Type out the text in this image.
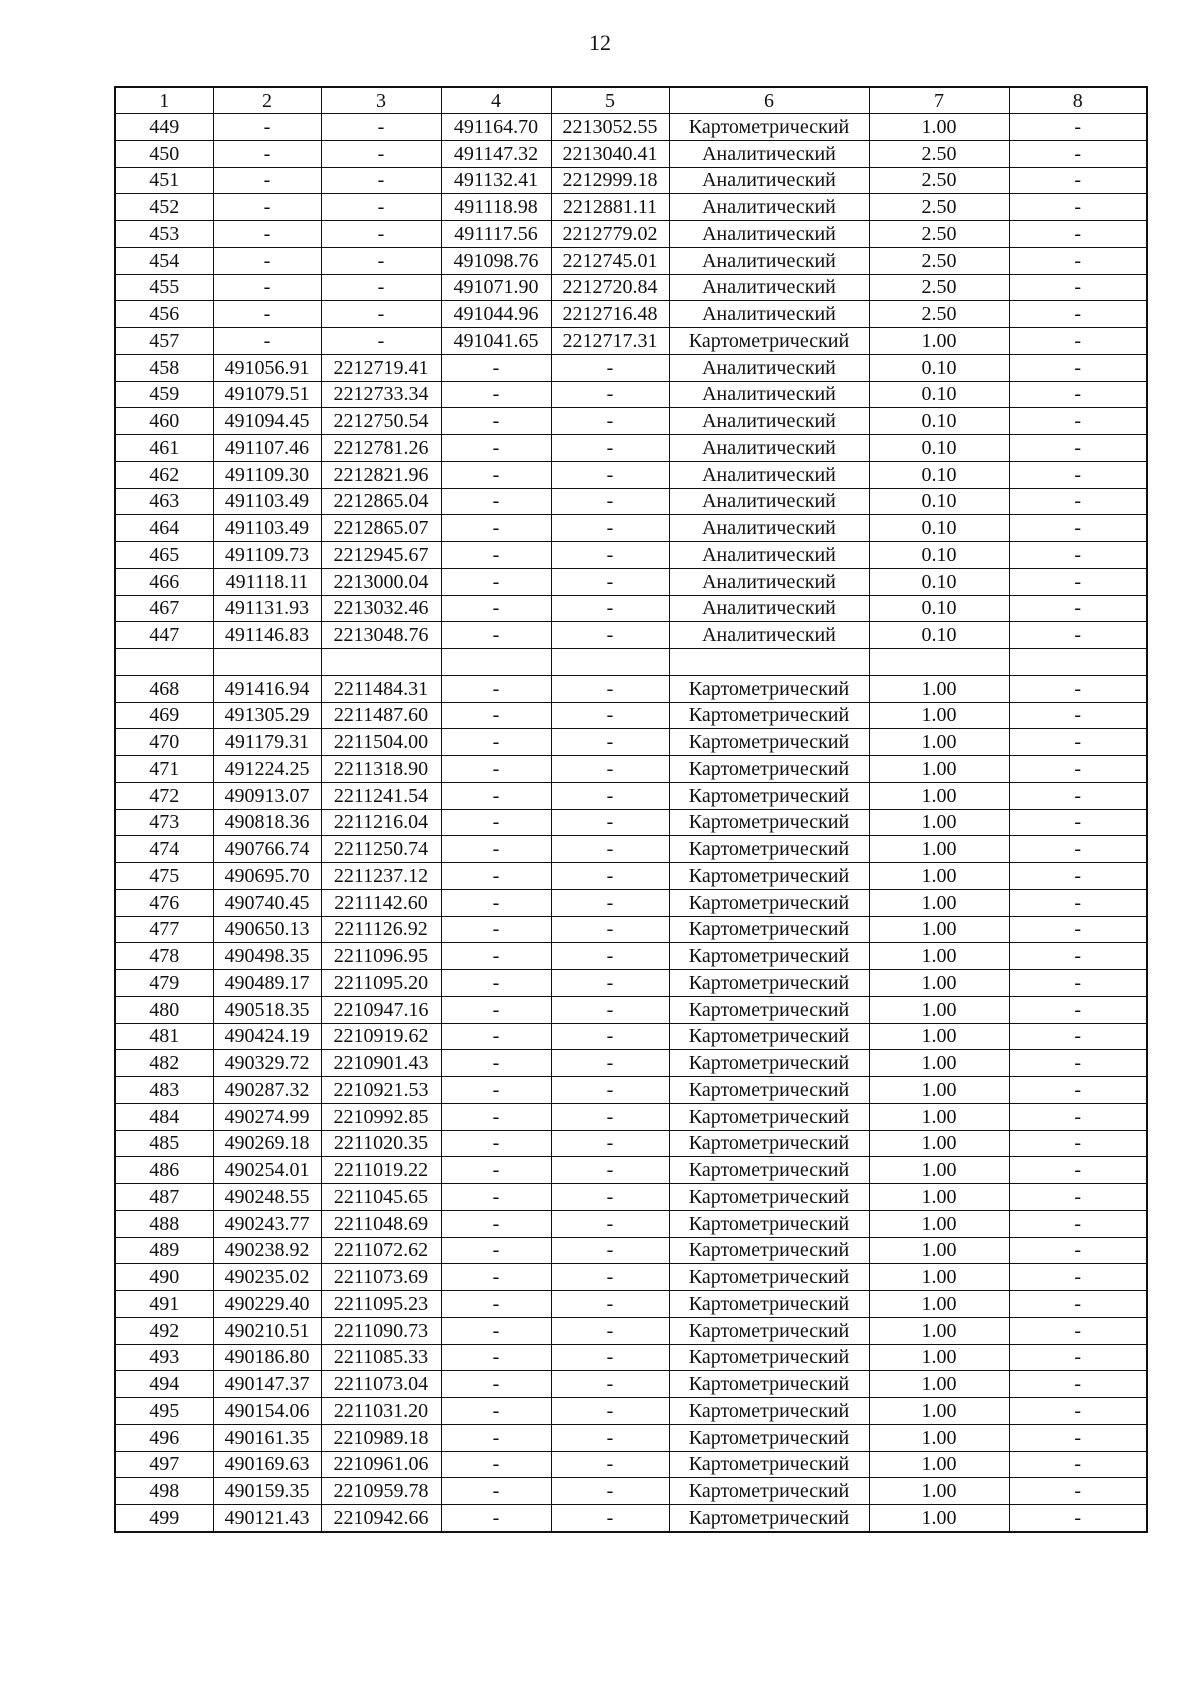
12
1	2	3	4	5	6	7	8
449	-	-	491164.70	2213052.55	Картометрический	1.00	-
450	-	-	491147.32	2213040.41	Аналитический	2.50	-
451	-	-	491132.41	2212999.18	Аналитический	2.50	-
452	-	-	491118.98	2212881.11	Аналитический	2.50	-
453	-	-	491117.56	2212779.02	Аналитический	2.50	-
454	-	-	491098.76	2212745.01	Аналитический	2.50	-
455	-	-	491071.90	2212720.84	Аналитический	2.50	-
456	-	-	491044.96	2212716.48	Аналитический	2.50	-
457	-	-	491041.65	2212717.31	Картометрический	1.00	-
458	491056.91	2212719.41	-	-	Аналитический	0.10	-
459	491079.51	2212733.34	-	-	Аналитический	0.10	-
460	491094.45	2212750.54	-	-	Аналитический	0.10	-
461	491107.46	2212781.26	-	-	Аналитический	0.10	-
462	491109.30	2212821.96	-	-	Аналитический	0.10	-
463	491103.49	2212865.04	-	-	Аналитический	0.10	-
464	491103.49	2212865.07	-	-	Аналитический	0.10	-
465	491109.73	2212945.67	-	-	Аналитический	0.10	-
466	491118.11	2213000.04	-	-	Аналитический	0.10	-
467	491131.93	2213032.46	-	-	Аналитический	0.10	-
447	491146.83	2213048.76	-	-	Аналитический	0.10	-

468	491416.94	2211484.31	-	-	Картометрический	1.00	-
469	491305.29	2211487.60	-	-	Картометрический	1.00	-
470	491179.31	2211504.00	-	-	Картометрический	1.00	-
471	491224.25	2211318.90	-	-	Картометрический	1.00	-
472	490913.07	2211241.54	-	-	Картометрический	1.00	-
473	490818.36	2211216.04	-	-	Картометрический	1.00	-
474	490766.74	2211250.74	-	-	Картометрический	1.00	-
475	490695.70	2211237.12	-	-	Картометрический	1.00	-
476	490740.45	2211142.60	-	-	Картометрический	1.00	-
477	490650.13	2211126.92	-	-	Картометрический	1.00	-
478	490498.35	2211096.95	-	-	Картометрический	1.00	-
479	490489.17	2211095.20	-	-	Картометрический	1.00	-
480	490518.35	2210947.16	-	-	Картометрический	1.00	-
481	490424.19	2210919.62	-	-	Картометрический	1.00	-
482	490329.72	2210901.43	-	-	Картометрический	1.00	-
483	490287.32	2210921.53	-	-	Картометрический	1.00	-
484	490274.99	2210992.85	-	-	Картометрический	1.00	-
485	490269.18	2211020.35	-	-	Картометрический	1.00	-
486	490254.01	2211019.22	-	-	Картометрический	1.00	-
487	490248.55	2211045.65	-	-	Картометрический	1.00	-
488	490243.77	2211048.69	-	-	Картометрический	1.00	-
489	490238.92	2211072.62	-	-	Картометрический	1.00	-
490	490235.02	2211073.69	-	-	Картометрический	1.00	-
491	490229.40	2211095.23	-	-	Картометрический	1.00	-
492	490210.51	2211090.73	-	-	Картометрический	1.00	-
493	490186.80	2211085.33	-	-	Картометрический	1.00	-
494	490147.37	2211073.04	-	-	Картометрический	1.00	-
495	490154.06	2211031.20	-	-	Картометрический	1.00	-
496	490161.35	2210989.18	-	-	Картометрический	1.00	-
497	490169.63	2210961.06	-	-	Картометрический	1.00	-
498	490159.35	2210959.78	-	-	Картометрический	1.00	-
499	490121.43	2210942.66	-	-	Картометрический	1.00	-
